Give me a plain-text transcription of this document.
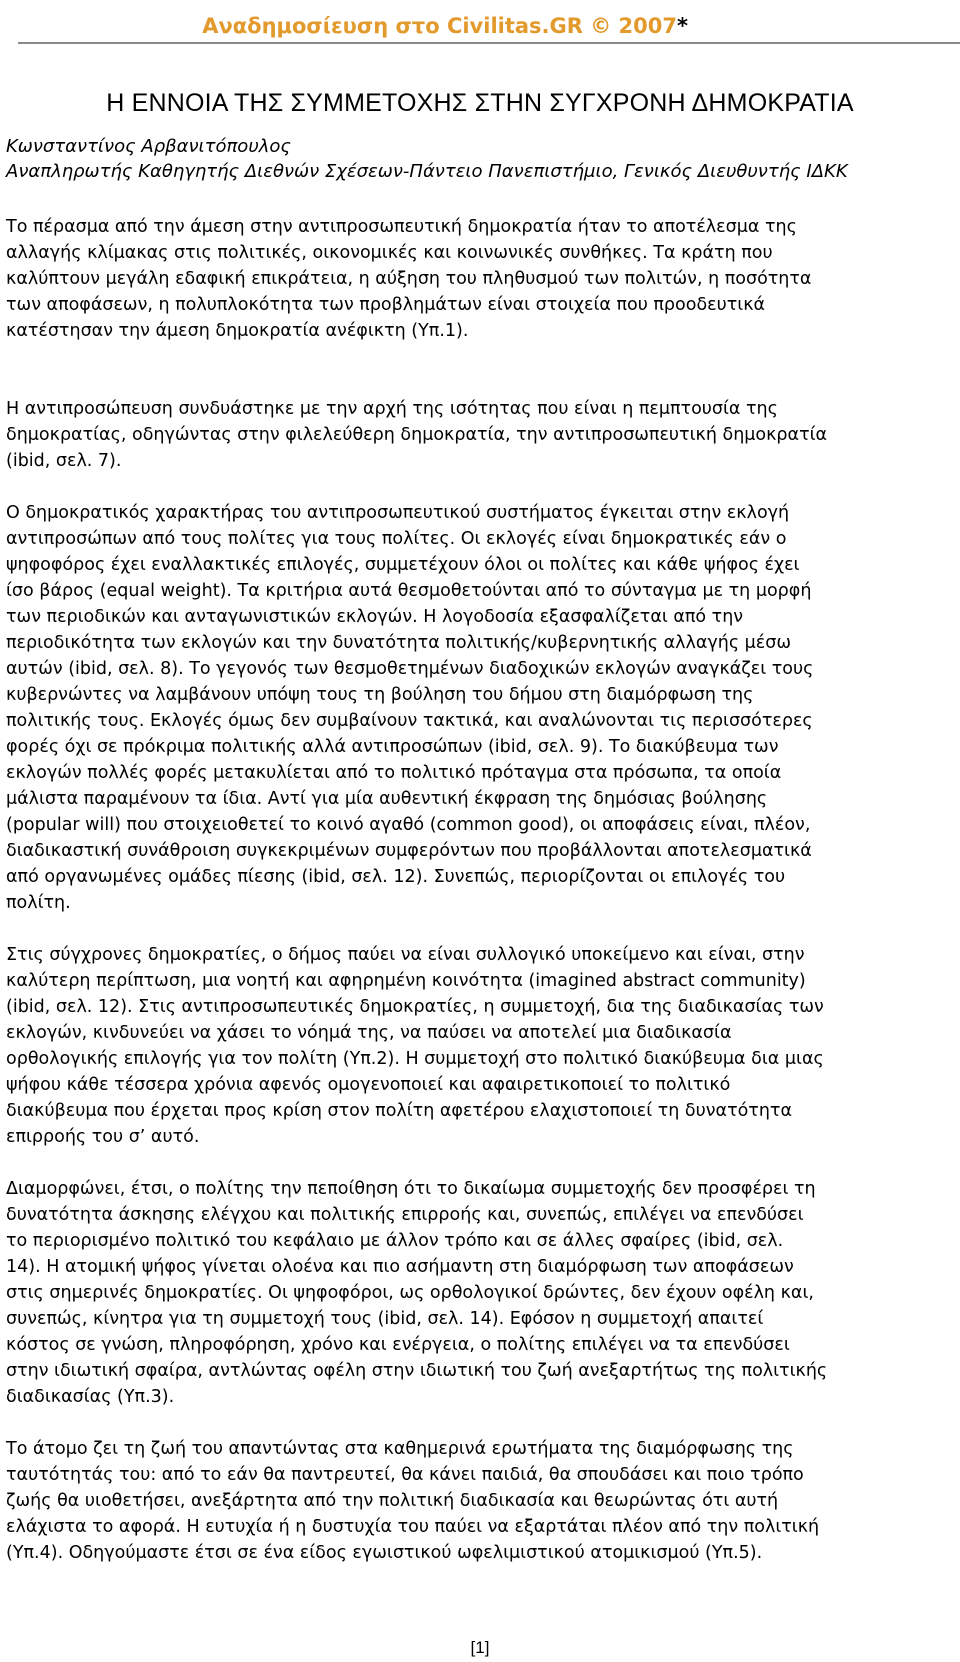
Αναδημοσίευση στο Civilitas.GR © 2007*
Η ΕΝΝΟΙΑ ΤΗΣ ΣΥΜΜΕΤΟΧΗΣ ΣΤΗΝ ΣΥΓΧΡΟΝΗ ΔΗΜΟΚΡΑΤΙΑ
Κωνσταντίνος Αρβανιτόπουλος
Αναπληρωτής Καθηγητής Διεθνών Σχέσεων-Πάντειο Πανεπιστήμιο, Γενικός Διευθυντής ΙΔΚΚ
Το πέρασμα από την άμεση στην αντιπροσωπευτική δημοκρατία ήταν το αποτέλεσμα της
αλλαγής κλίμακας στις πολιτικές, οικονομικές και κοινωνικές συνθήκες. Τα κράτη που
καλύπτουν μεγάλη εδαφική επικράτεια, η αύξηση του πληθυσμού των πολιτών, η ποσότητα
των αποφάσεων, η πολυπλοκότητα των προβλημάτων είναι στοιχεία που προοδευτικά
κατέστησαν την άμεση δημοκρατία ανέφικτη (Υπ.1).
Η αντιπροσώπευση συνδυάστηκε με την αρχή της ισότητας που είναι η πεμπτουσία της
δημοκρατίας, οδηγώντας στην φιλελεύθερη δημοκρατία, την αντιπροσωπευτική δημοκρατία
(ibid, σελ. 7).
Ο δημοκρατικός χαρακτήρας του αντιπροσωπευτικού συστήματος έγκειται στην εκλογή
αντιπροσώπων από τους πολίτες για τους πολίτες. Οι εκλογές είναι δημοκρατικές εάν ο
ψηφοφόρος έχει εναλλακτικές επιλογές, συμμετέχουν όλοι οι πολίτες και κάθε ψήφος έχει
ίσο βάρος (equal weight). Τα κριτήρια αυτά θεσμοθετούνται από το σύνταγμα με τη μορφή
των περιοδικών και ανταγωνιστικών εκλογών. Η λογοδοσία εξασφαλίζεται από την
περιοδικότητα των εκλογών και την δυνατότητα πολιτικής/κυβερνητικής αλλαγής μέσω
αυτών (ibid, σελ. 8). Το γεγονός των θεσμοθετημένων διαδοχικών εκλογών αναγκάζει τους
κυβερνώντες να λαμβάνουν υπόψη τους τη βούληση του δήμου στη διαμόρφωση της
πολιτικής τους. Εκλογές όμως δεν συμβαίνουν τακτικά, και αναλώνονται τις περισσότερες
φορές όχι σε πρόκριμα πολιτικής αλλά αντιπροσώπων (ibid, σελ. 9). Το διακύβευμα των
εκλογών πολλές φορές μετακυλίεται από το πολιτικό πρόταγμα στα πρόσωπα, τα οποία
μάλιστα παραμένουν τα ίδια. Αντί για μία αυθεντική έκφραση της δημόσιας βούλησης
(popular will) που στοιχειοθετεί το κοινό αγαθό (common good), οι αποφάσεις είναι, πλέον,
διαδικαστική συνάθροιση συγκεκριμένων συμφερόντων που προβάλλονται αποτελεσματικά
από οργανωμένες ομάδες πίεσης (ibid, σελ. 12). Συνεπώς, περιορίζονται οι επιλογές του
πολίτη.
Στις σύγχρονες δημοκρατίες, ο δήμος παύει να είναι συλλογικό υποκείμενο και είναι, στην
καλύτερη περίπτωση, μια νοητή και αφηρημένη κοινότητα (imagined abstract community)
(ibid, σελ. 12). Στις αντιπροσωπευτικές δημοκρατίες, η συμμετοχή, δια της διαδικασίας των
εκλογών, κινδυνεύει να χάσει το νόημά της, να παύσει να αποτελεί μια διαδικασία
ορθολογικής επιλογής για τον πολίτη (Υπ.2). Η συμμετοχή στο πολιτικό διακύβευμα δια μιας
ψήφου κάθε τέσσερα χρόνια αφενός ομογενοποιεί και αφαιρετικοποιεί το πολιτικό
διακύβευμα που έρχεται προς κρίση στον πολίτη αφετέρου ελαχιστοποιεί τη δυνατότητα
επιρροής του σ’ αυτό.
Διαμορφώνει, έτσι, ο πολίτης την πεποίθηση ότι το δικαίωμα συμμετοχής δεν προσφέρει τη
δυνατότητα άσκησης ελέγχου και πολιτικής επιρροής και, συνεπώς, επιλέγει να επενδύσει
το περιορισμένο πολιτικό του κεφάλαιο με άλλον τρόπο και σε άλλες σφαίρες (ibid, σελ.
14). Η ατομική ψήφος γίνεται ολοένα και πιο ασήμαντη στη διαμόρφωση των αποφάσεων
στις σημερινές δημοκρατίες. Οι ψηφοφόροι, ως ορθολογικοί δρώντες, δεν έχουν οφέλη και,
συνεπώς, κίνητρα για τη συμμετοχή τους (ibid, σελ. 14). Εφόσον η συμμετοχή απαιτεί
κόστος σε γνώση, πληροφόρηση, χρόνο και ενέργεια, ο πολίτης επιλέγει να τα επενδύσει
στην ιδιωτική σφαίρα, αντλώντας οφέλη στην ιδιωτική του ζωή ανεξαρτήτως της πολιτικής
διαδικασίας (Υπ.3).
Το άτομο ζει τη ζωή του απαντώντας στα καθημερινά ερωτήματα της διαμόρφωσης της
ταυτότητάς του: από το εάν θα παντρευτεί, θα κάνει παιδιά, θα σπουδάσει και ποιο τρόπο
ζωής θα υιοθετήσει, ανεξάρτητα από την πολιτική διαδικασία και θεωρώντας ότι αυτή
ελάχιστα το αφορά. Η ευτυχία ή η δυστυχία του παύει να εξαρτάται πλέον από την πολιτική
(Υπ.4). Οδηγούμαστε έτσι σε ένα είδος εγωιστικού ωφελιμιστικού ατομικισμού (Υπ.5).
[1]
